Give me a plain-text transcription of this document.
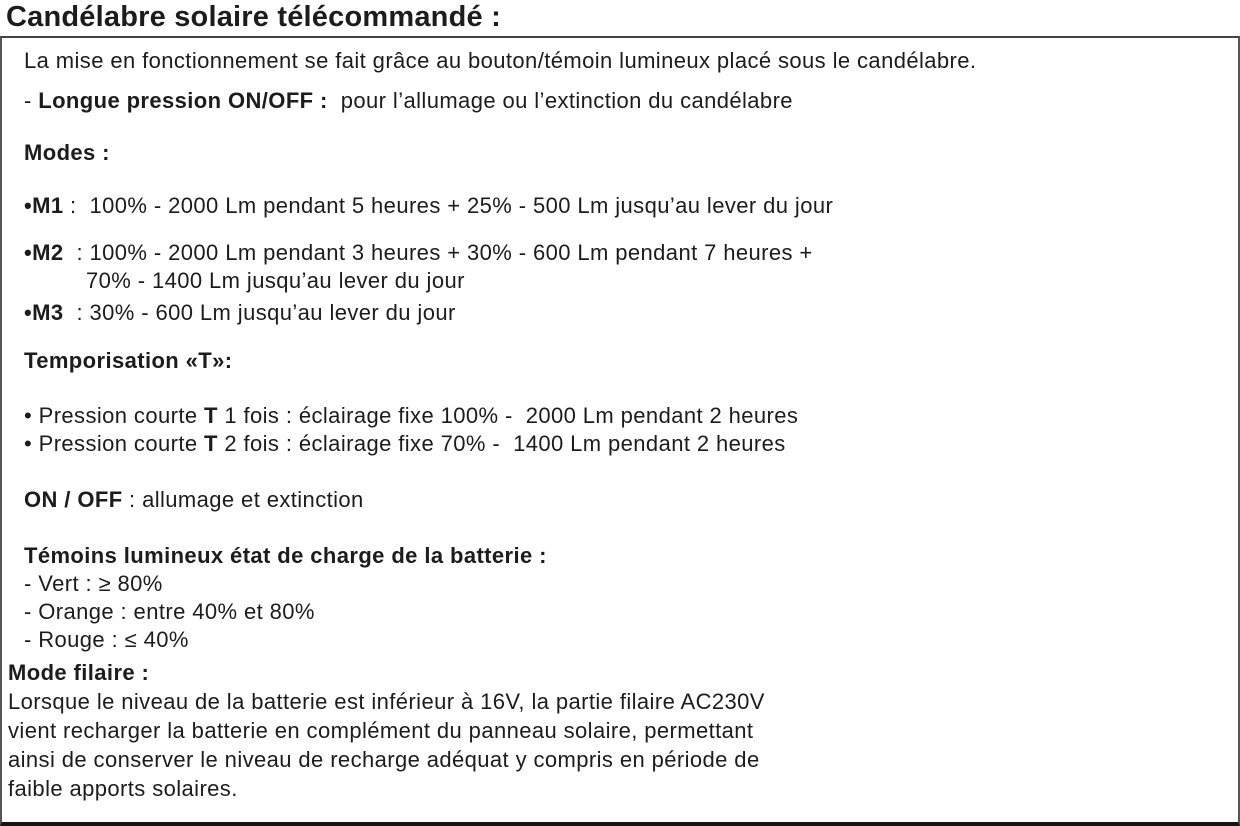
Candélabre solaire télécommandé :
La mise en fonctionnement se fait grâce au bouton/témoin lumineux placé sous le candélabre.
- Longue pression ON/OFF :  pour l’allumage ou l’extinction du candélabre
Modes :
•M1 :  100% - 2000 Lm pendant 5 heures + 25% - 500 Lm jusqu’au lever du jour
•M2  : 100% - 2000 Lm pendant 3 heures + 30% - 600 Lm pendant 7 heures +
70% - 1400 Lm jusqu’au lever du jour
•M3  : 30% - 600 Lm jusqu’au lever du jour
Temporisation «T»:
• Pression courte T 1 fois : éclairage fixe 100% -  2000 Lm pendant 2 heures
• Pression courte T 2 fois : éclairage fixe 70% -  1400 Lm pendant 2 heures
ON / OFF : allumage et extinction
Témoins lumineux état de charge de la batterie :
- Vert : ≥ 80%
- Orange : entre 40% et 80%
- Rouge : ≤ 40%
Mode filaire :
Lorsque le niveau de la batterie est inférieur à 16V, la partie filaire AC230V
vient recharger la batterie en complément du panneau solaire, permettant
ainsi de conserver le niveau de recharge adéquat y compris en période de
faible apports solaires.
